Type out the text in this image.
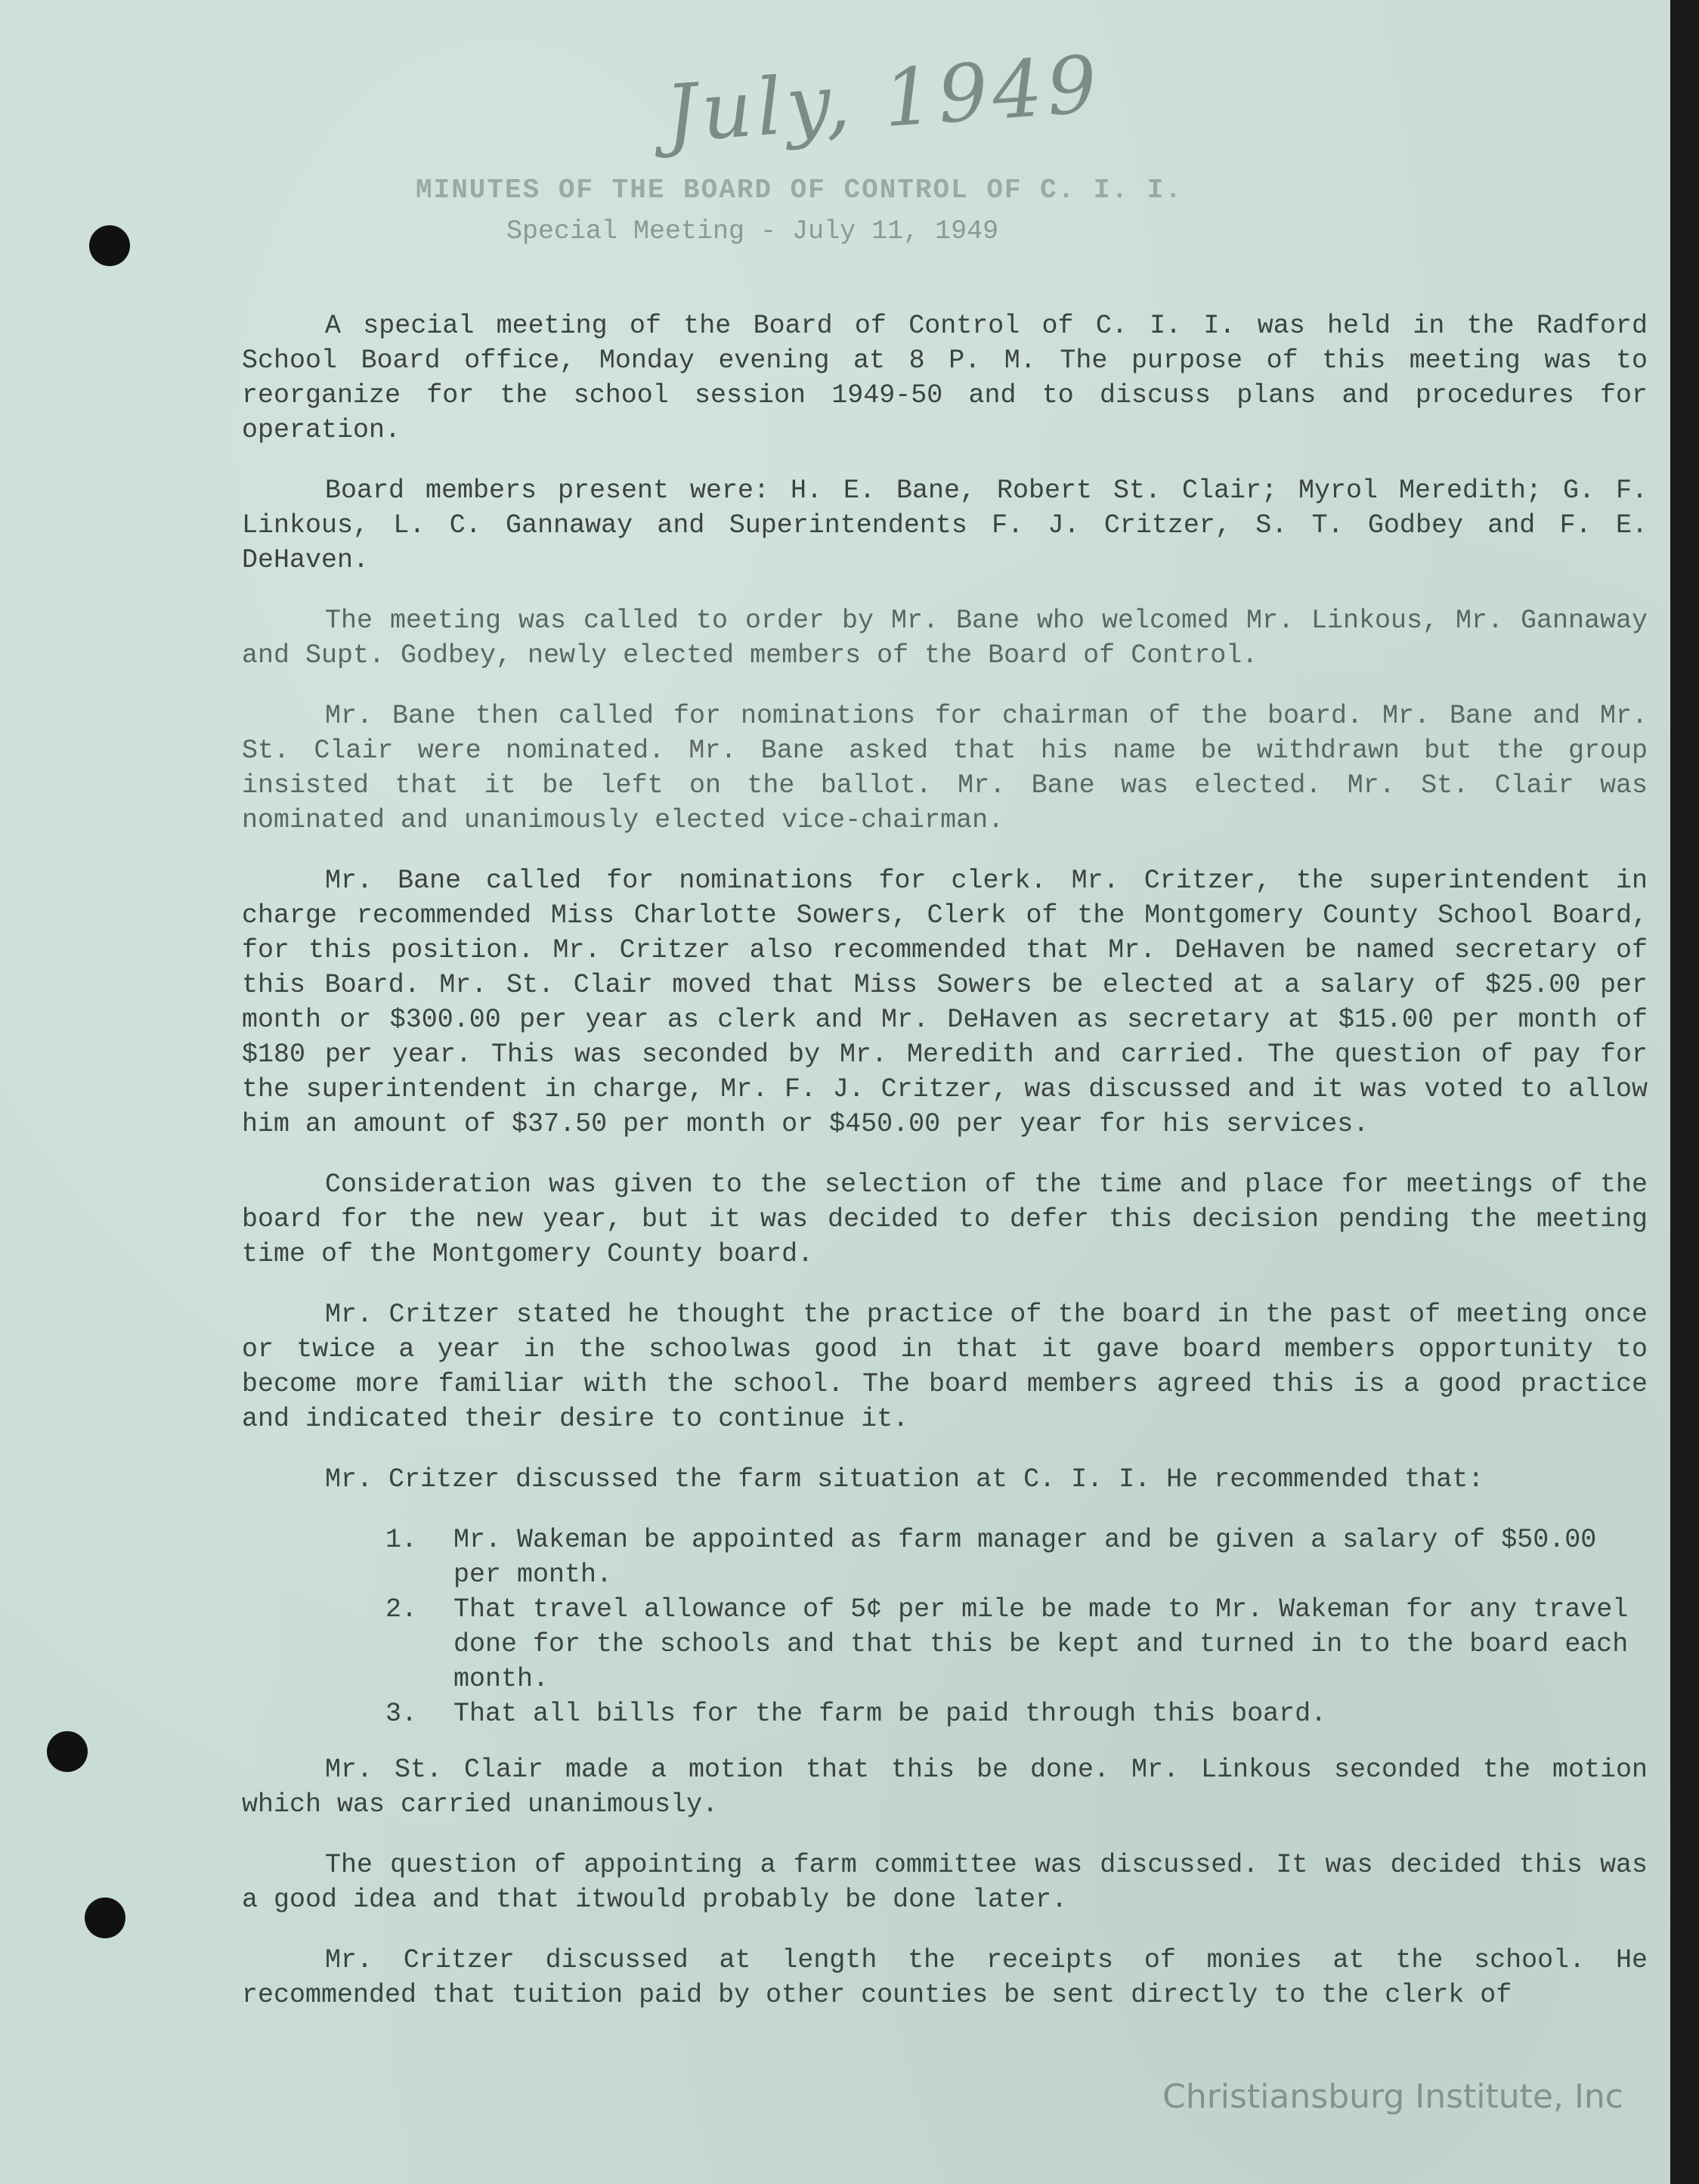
July, 1949
MINUTES OF THE BOARD OF CONTROL OF C. I. I.
Special Meeting - July 11, 1949

A special meeting of the Board of Control of C. I. I. was held in the Radford School Board office, Monday evening at 8 P. M. The purpose of this meeting was to reorganize for the school session 1949-50 and to discuss plans and procedures for operation.

Board members present were: H. E. Bane, Robert St. Clair; Myrol Meredith; G. F. Linkous, L. C. Gannaway and Superintendents F. J. Critzer, S. T. Godbey and F. E. DeHaven.

The meeting was called to order by Mr. Bane who welcomed Mr. Linkous, Mr. Gannaway and Supt. Godbey, newly elected members of the Board of Control.

Mr. Bane then called for nominations for chairman of the board. Mr. Bane and Mr. St. Clair were nominated. Mr. Bane asked that his name be withdrawn but the group insisted that it be left on the ballot. Mr. Bane was elected. Mr. St. Clair was nominated and unanimously elected vice-chairman.

Mr. Bane called for nominations for clerk. Mr. Critzer, the superintendent in charge recommended Miss Charlotte Sowers, Clerk of the Montgomery County School Board, for this position. Mr. Critzer also recommended that Mr. DeHaven be named secretary of this Board. Mr. St. Clair moved that Miss Sowers be elected at a salary of $25.00 per month or $300.00 per year as clerk and Mr. DeHaven as secretary at $15.00 per month of $180 per year. This was seconded by Mr. Meredith and carried. The question of pay for the superintendent in charge, Mr. F. J. Critzer, was discussed and it was voted to allow him an amount of $37.50 per month or $450.00 per year for his services.

Consideration was given to the selection of the time and place for meetings of the board for the new year, but it was decided to defer this decision pending the meeting time of the Montgomery County board.

Mr. Critzer stated he thought the practice of the board in the past of meeting once or twice a year in the schoolwas good in that it gave board members opportunity to become more familiar with the school. The board members agreed this is a good practice and indicated their desire to continue it.

Mr. Critzer discussed the farm situation at C. I. I. He recommended that:

1.	Mr. Wakeman be appointed as farm manager and be given a salary of $50.00 per month.
2.	That travel allowance of 5¢ per mile be made to Mr. Wakeman for any travel done for the schools and that this be kept and turned in to the board each month.
3.	That all bills for the farm be paid through this board.

Mr. St. Clair made a motion that this be done. Mr. Linkous seconded the motion which was carried unanimously.

The question of appointing a farm committee was discussed. It was decided this was a good idea and that itwould probably be done later.

Mr. Critzer discussed at length the receipts of monies at the school. He recommended that tuition paid by other counties be sent directly to the clerk of

Christiansburg Institute, Inc
